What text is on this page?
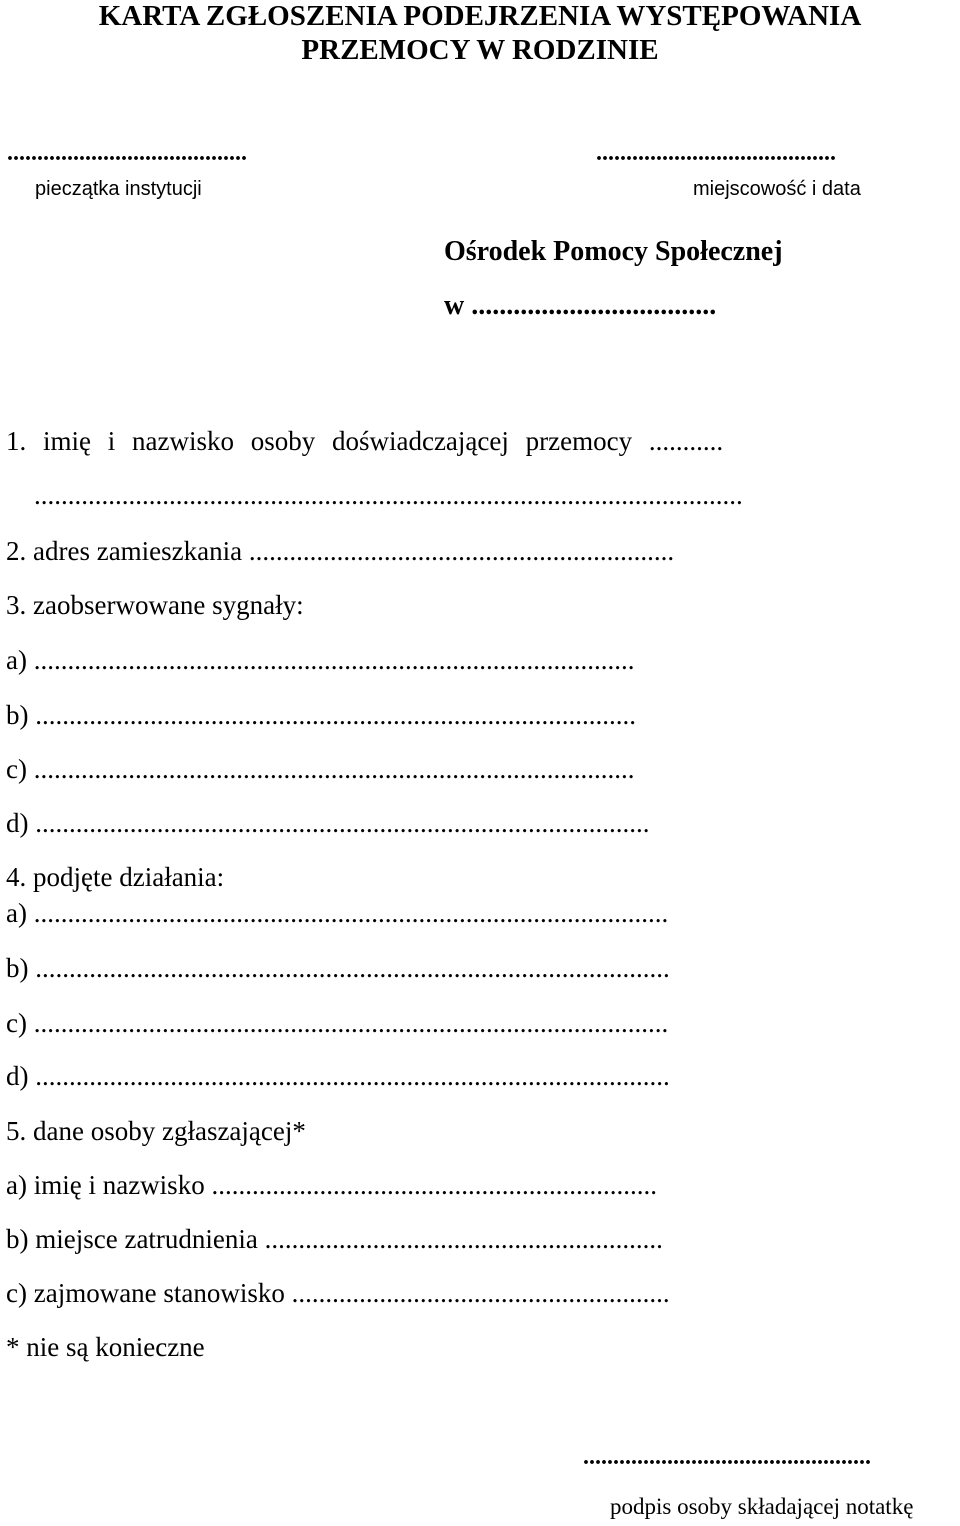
KARTA ZGŁOSZENIA PODEJRZENIA WYSTĘPOWANIA
PRZEMOCY W RODZINIE
........................................
pieczątka instytucji
........................................
miejscowość i data
Ośrodek Pomocy Społecznej
w ...................................
1. imię i nazwisko osoby doświadczającej przemocy ...........
.........................................................................................................
2. adres zamieszkania ...............................................................
3. zaobserwowane sygnały:
a) .........................................................................................
b) .........................................................................................
c) .........................................................................................
d) ...........................................................................................
4. podjęte działania:
a) ..............................................................................................
b) ..............................................................................................
c) ..............................................................................................
d) ..............................................................................................
5. dane osoby zgłaszającej*
a) imię i nazwisko ..................................................................
b) miejsce zatrudnienia ...........................................................
c) zajmowane stanowisko ........................................................
* nie są konieczne
................................................
podpis osoby składającej notatkę
